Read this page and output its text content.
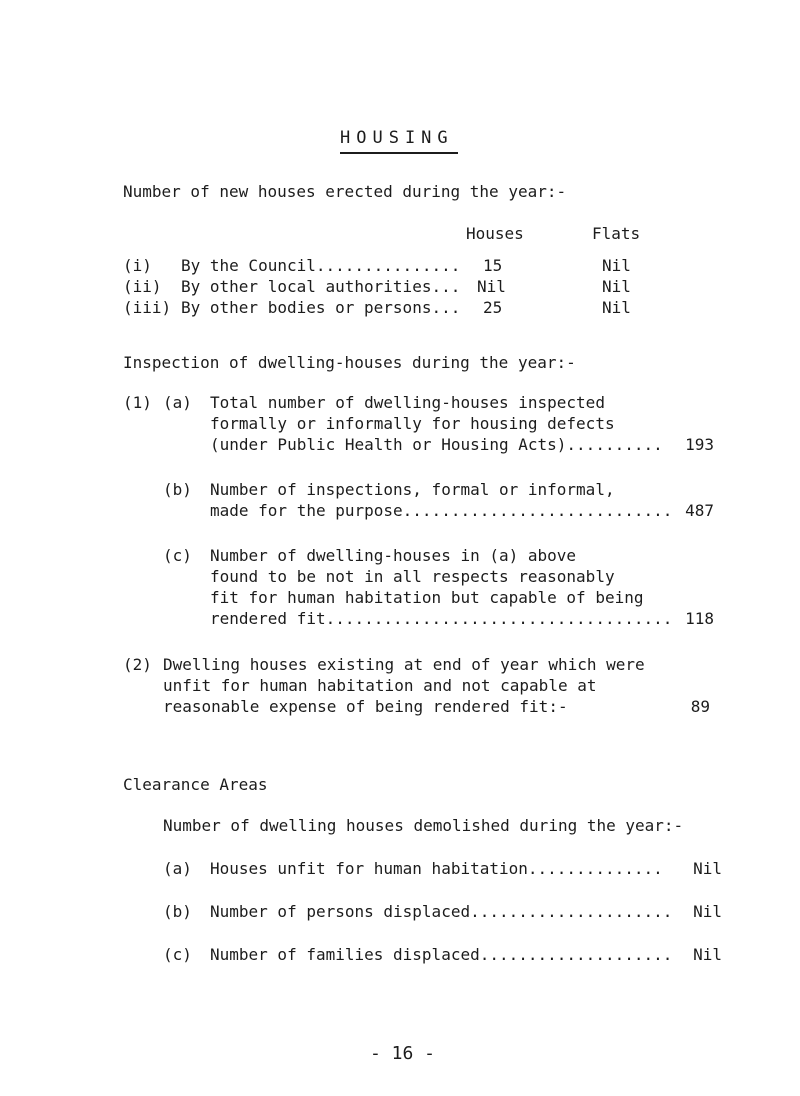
HOUSING
Number of new houses erected during the year:-
Houses	Flats
(i) By the Council............... 15	Nil
(ii) By other local authorities... Nil	Nil
(iii) By other bodies or persons... 25	Nil
Inspection of dwelling-houses during the year:-
(1) (a) Total number of dwelling-houses inspected
formally or informally for housing defects
(under Public Health or Housing Acts).......... 193
(b) Number of inspections, formal or informal,
made for the purpose............................ 487
(c) Number of dwelling-houses in (a) above
found to be not in all respects reasonably
fit for human habitation but capable of being
rendered fit.................................... 118
(2) Dwelling houses existing at end of year which were
unfit for human habitation and not capable at
reasonable expense of being rendered fit:-	89
Clearance Areas
Number of dwelling houses demolished during the year:-
(a) Houses unfit for human habitation.............. Nil
(b) Number of persons displaced..................... Nil
(c) Number of families displaced.................... Nil
- 16 -
